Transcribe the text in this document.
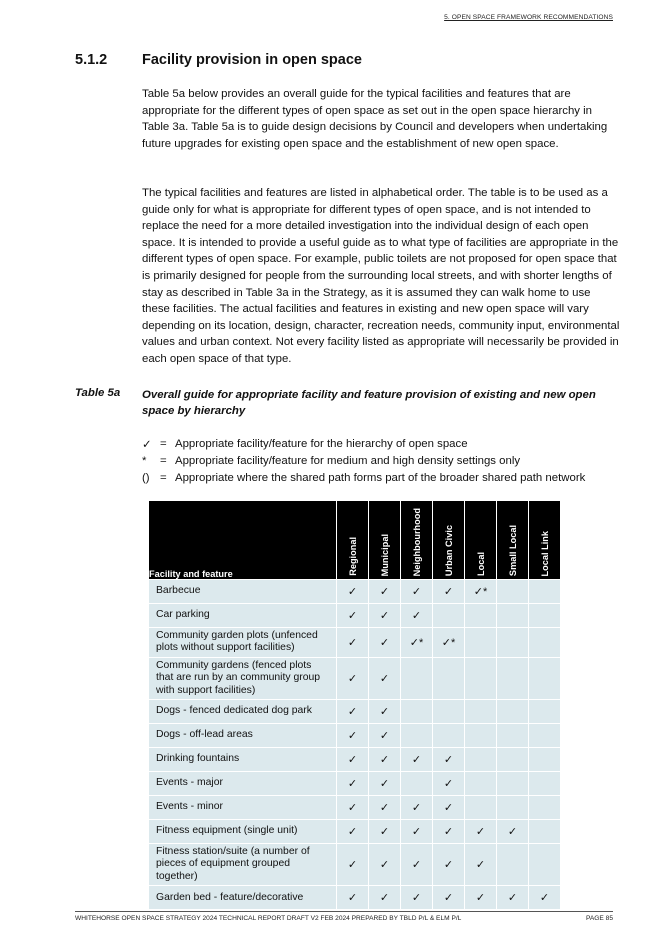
5. OPEN SPACE FRAMEWORK RECOMMENDATIONS
5.1.2 Facility provision in open space
Table 5a below provides an overall guide for the typical facilities and features that are appropriate for the different types of open space as set out in the open space hierarchy in Table 3a. Table 5a is to guide design decisions by Council and developers when undertaking future upgrades for existing open space and the establishment of new open space.
The typical facilities and features are listed in alphabetical order. The table is to be used as a guide only for what is appropriate for different types of open space, and is not intended to replace the need for a more detailed investigation into the individual design of each open space. It is intended to provide a useful guide as to what type of facilities are appropriate in the different types of open space. For example, public toilets are not proposed for open space that is primarily designed for people from the surrounding local streets, and with shorter lengths of stay as described in Table 3a in the Strategy, as it is assumed they can walk home to use these facilities. The actual facilities and features in existing and new open space will vary depending on its location, design, character, recreation needs, community input, environmental values and urban context. Not every facility listed as appropriate will necessarily be provided in each open space of that type.
Table 5a Overall guide for appropriate facility and feature provision of existing and new open space by hierarchy
✓ = Appropriate facility/feature for the hierarchy of open space
*	= Appropriate facility/feature for medium and high density settings only
() = Appropriate where the shared path forms part of the broader shared path network
Facility and feature	Regional	Municipal	Neighbourhood	Urban Civic	Local	Small Local	Local Link
Barbecue	✓	✓	✓	✓	✓*		
Car parking	✓	✓	✓				
Community garden plots (unfenced plots without support facilities)	✓	✓	✓*	✓*			
Community gardens (fenced plots that are run by an community group with support facilities)	✓	✓					
Dogs - fenced dedicated dog park	✓	✓					
Dogs - off-lead areas	✓	✓					
Drinking fountains	✓	✓	✓	✓			
Events - major	✓	✓		✓			
Events - minor	✓	✓	✓	✓			
Fitness equipment (single unit)	✓	✓	✓	✓	✓	✓	
Fitness station/suite (a number of pieces of equipment grouped together)	✓	✓	✓	✓	✓		
Garden bed - feature/decorative	✓	✓	✓	✓	✓	✓	✓
WHITEHORSE OPEN SPACE STRATEGY 2024 TECHNICAL REPORT DRAFT V2 FEB 2024 PREPARED BY TBLD P/L & ELM P/L	PAGE 85
